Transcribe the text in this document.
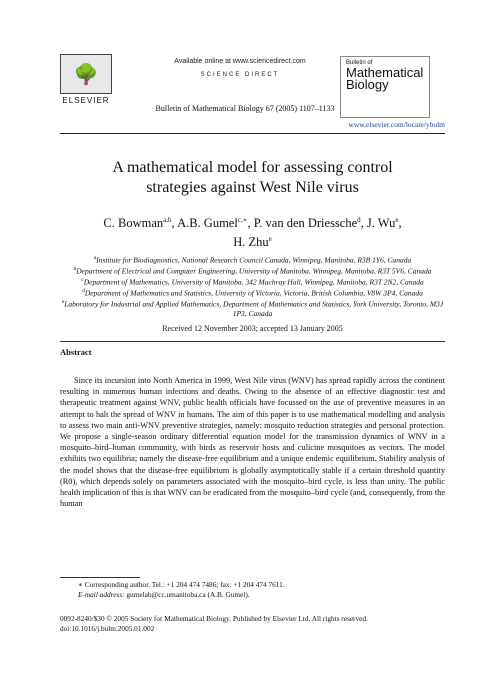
🌳
ELSEVIER
Available online at www.sciencedirect.com
SCIENCE DIRECT
Bulletin of Mathematical Biology 67 (2005) 1107–1133
Bulletin of
Mathematical
Biology
www.elsevier.com/locate/ybulm
A mathematical model for assessing control
strategies against West Nile virus
C. Bowman$^{a,b}$, A.B. Gumel$^{c,∗}$, P. van den Driessche$^d$, J. Wu$^e$,
H. Zhu$^e$
$^a$Institute for Biodiagnostics, National Research Council Canada, Winnipeg, Manitoba, R3B 1Y6, Canada
$^b$Department of Electrical and Computer Engineering, University of Manitoba, Winnipeg, Manitoba, R3T 5V6, Canada
$^c$Department of Mathematics, University of Manitoba, 342 Machray Hall, Winnipeg, Manitoba, R3T 2N2, Canada
$^d$Department of Mathematics and Statistics, University of Victoria, Victoria, British Columbia, V8W 3P4, Canada
$^e$Laboratory for Industrial and Applied Mathematics, Department of Mathematics and Statistics, York University, Toronto, M3J 1P3, Canada
Received 12 November 2003; accepted 13 January 2005
Abstract
Since its incursion into North America in 1999, West Nile virus (WNV) has spread rapidly across the continent resulting in numerous human infections and deaths. Owing to the absence of an effective diagnostic test and therapeutic treatment against WNV, public health officials have focussed on the use of preventive measures in an attempt to halt the spread of WNV in humans. The aim of this paper is to use mathematical modelling and analysis to assess two main anti-WNV preventive strategies, namely: mosquito reduction strategies and personal protection. We propose a single-season ordinary differential equation model for the transmission dynamics of WNV in a mosquito–bird–human community, with birds as reservoir hosts and culicine mosquitoes as vectors. The model exhibits two equilibria; namely the disease-free equilibrium and a unique endemic equilibrium. Stability analysis of the model shows that the disease-free equilibrium is globally asymptotically stable if a certain threshold quantity (R0), which depends solely on parameters associated with the mosquito–bird cycle, is less than unity. The public health implication of this is that WNV can be eradicated from the mosquito–bird cycle (and, consequently, from the human
∗ Corresponding author. Tel.: +1 204 474 7486; fax: +1 204 474 7611.
E-mail address: gumelab@cc.umanitoba.ca (A.B. Gumel).
0092-8240/$30 © 2005 Society for Mathematical Biology. Published by Elsevier Ltd. All rights reserved.
doi:10.1016/j.bulm.2005.01.002
